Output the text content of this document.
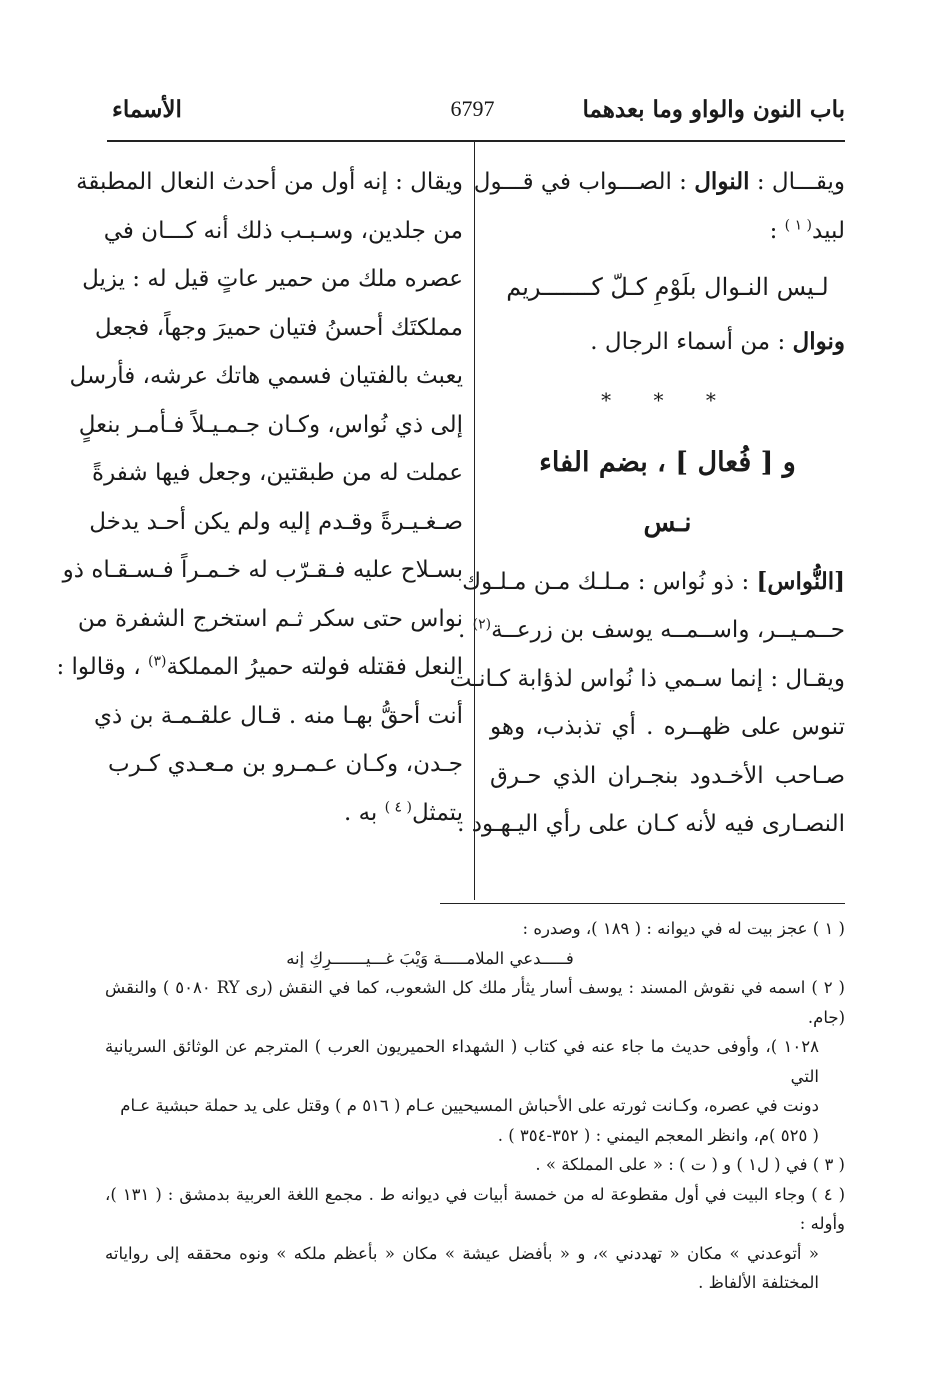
باب النون والواو وما بعدهما
6797
الأسماء

ويقـــال : النوال : الصـــواب في قـــول
لبيد$^{( ١ )}$ :

لـيس النـوال بلَوْمِ كـلّ كـــــــريم

ونوال : من أسماء الرجال .

* * *

و [ فُعال ] ، بضم الفاء

نـس

[النُّواس] : ذو نُواس : مـلـك مـن مـلـوك
حــمـيــر، واســمــه يوسف بن زرعــة$^{(٢)}$ .
ويقـال : إنما سـمي ذا نُواس لذؤابة كـانـت
تنوس على ظهــره . أي تذبذب، وهو
صـاحب الأخـدود بنجـران الذي حـرق
النصـارى فيه لأنه كـان على رأي اليـهـود .

ويقال : إنه أول من أحدث النعال المطبقة
من جلدين، وسـبـب ذلك أنه كـــان في
عصره ملك من حمير عاتٍ قيل له : يزيل
مملكتَك أحسنُ فتيان حميرَ وجهاً، فجعل
يعبث بالفتيان فسمي هاتك عرشه، فأرسل
إلى ذي نُواس، وكـان جـمـيـلاً فـأمـر بنعلٍ
عملت له من طبقتين، وجعل فيها شفرةً
صـغـيـرةً وقـدم إليه ولم يكن أحـد يدخل
بسـلاح عليه فـقـرّب له خـمـراً فـسـقـاه ذو
نواس حتى سكر ثـم استخرج الشفرة من
النعل فقتله فولته حميرُ المملكة$^{(٣)}$ ، وقالوا :
أنت أحقُّ بهـا منه . قـال علقـمـة بن ذي
جـدن، وكـان عـمـرو بن مـعـدي كـرب
يتمثل$^{( ٤ )}$ به .

( ١ ) عجز بيت له في ديوانه : ( ١٨٩ )، وصدره :

فـــــدعي الملامـــــة وَيْبَ غـــيـــــــرِكِ إنه

( ٢ ) اسمه في نقوش المسند : يوسف أسار يثأر ملك كل الشعوب، كما في النقش (رى RY ٥٠٨٠ ) والنقش (جام.

١٠٢٨ )، وأوفى حديث ما جاء عنه في كتاب ( الشهداء الحميريون العرب ) المترجم عن الوثائق السريانية التي

دونت في عصره، وكـانت ثورته على الأحباش المسيحيين عـام ( ٥١٦ م ) وقتل على يد حملة حبشية عـام

( ٥٢٥ )م، وانظر المعجم اليمني : ( ٣٥٢-٣٥٤ ) .

( ٣ ) في ( ل١ ) و ( ت ) : « على المملكة » .

( ٤ ) وجاء البيت في أول مقطوعة له من خمسة أبيات في ديوانه ط . مجمع اللغة العربية بدمشق : ( ١٣١ )، وأوله :

« أتوعدني » مكان « تهددني »، و « بأفضل عيشة » مكان « بأعظم ملكه » ونوه محققه إلى رواياته المختلفة الألفاظ .
